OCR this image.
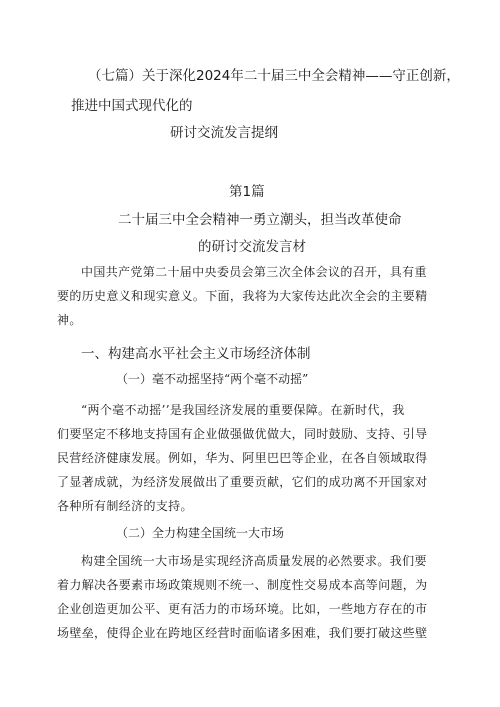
（七篇）关于深化2024年二十届三中全会精神——守正创新，
推进中国式现代化的
研讨交流发言提纲
第1篇
二十届三中全会精神一勇立潮头，担当改革使命
的研讨交流发言材
中国共产党第二十届中央委员会第三次全体会议的召开，具有重
要的历史意义和现实意义。下面，我将为大家传达此次全会的主要精
神。
一、构建高水平社会主义市场经济体制
（一）毫不动摇坚持“两个毫不动摇”
“两个毫不动摇’’是我国经济发展的重要保障。在新时代，我
们要坚定不移地支持国有企业做强做优做大，同时鼓励、支持、引导
民营经济健康发展。例如，华为、阿里巴巴等企业，在各自领域取得
了显著成就，为经济发展做出了重要贡献，它们的成功离不开国家对
各种所有制经济的支持。
（二）全力构建全国统一大市场
构建全国统一大市场是实现经济高质量发展的必然要求。我们要
着力解决各要素市场政策规则不统一、制度性交易成本高等问题，为
企业创造更加公平、更有活力的市场环境。比如，一些地方存在的市
场壁垒，使得企业在跨地区经营时面临诸多困难，我们要打破这些壁
